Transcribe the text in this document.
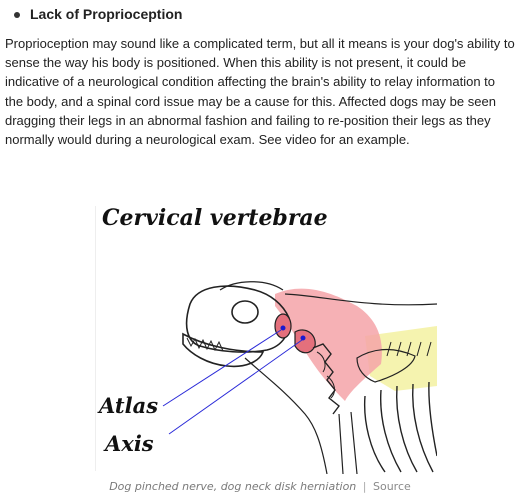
Lack of Proprioception

Proprioception may sound like a complicated term, but all it means is your dog's ability to sense the way his body is positioned. When this ability is not present, it could be indicative of a neurological condition affecting the brain's ability to relay information to the body, and a spinal cord issue may be a cause for this. Affected dogs may be seen dragging their legs in an abnormal fashion and failing to re-position their legs as they normally would during a neurological exam. See video for an example.

Cervical vertebrae
Atlas
Axis
Dog pinched nerve, dog neck disk herniation | Source
